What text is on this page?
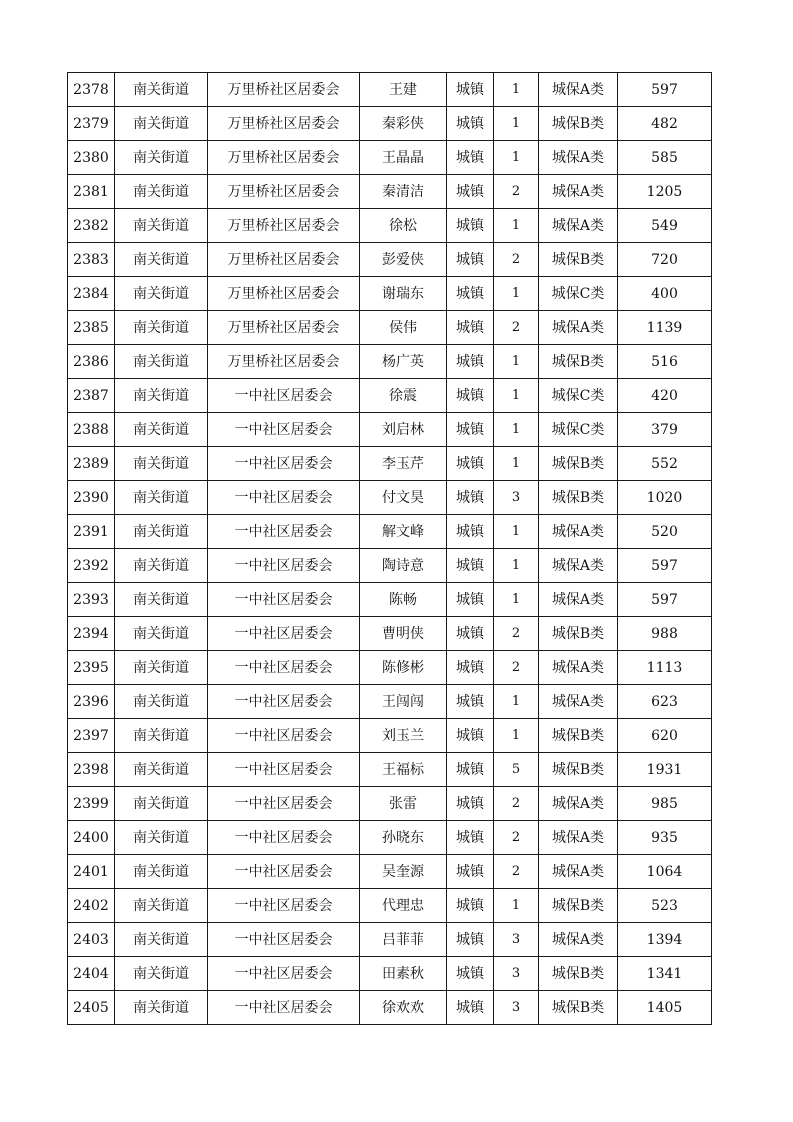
2378	南关街道	万里桥社区居委会	王建	城镇	1	城保A类	597
2379	南关街道	万里桥社区居委会	秦彩侠	城镇	1	城保B类	482
2380	南关街道	万里桥社区居委会	王晶晶	城镇	1	城保A类	585
2381	南关街道	万里桥社区居委会	秦清洁	城镇	2	城保A类	1205
2382	南关街道	万里桥社区居委会	徐松	城镇	1	城保A类	549
2383	南关街道	万里桥社区居委会	彭爱侠	城镇	2	城保B类	720
2384	南关街道	万里桥社区居委会	谢瑞东	城镇	1	城保C类	400
2385	南关街道	万里桥社区居委会	侯伟	城镇	2	城保A类	1139
2386	南关街道	万里桥社区居委会	杨广英	城镇	1	城保B类	516
2387	南关街道	一中社区居委会	徐震	城镇	1	城保C类	420
2388	南关街道	一中社区居委会	刘启林	城镇	1	城保C类	379
2389	南关街道	一中社区居委会	李玉芹	城镇	1	城保B类	552
2390	南关街道	一中社区居委会	付文昊	城镇	3	城保B类	1020
2391	南关街道	一中社区居委会	解文峰	城镇	1	城保A类	520
2392	南关街道	一中社区居委会	陶诗意	城镇	1	城保A类	597
2393	南关街道	一中社区居委会	陈畅	城镇	1	城保A类	597
2394	南关街道	一中社区居委会	曹明侠	城镇	2	城保B类	988
2395	南关街道	一中社区居委会	陈修彬	城镇	2	城保A类	1113
2396	南关街道	一中社区居委会	王闯闯	城镇	1	城保A类	623
2397	南关街道	一中社区居委会	刘玉兰	城镇	1	城保B类	620
2398	南关街道	一中社区居委会	王福标	城镇	5	城保B类	1931
2399	南关街道	一中社区居委会	张雷	城镇	2	城保A类	985
2400	南关街道	一中社区居委会	孙晓东	城镇	2	城保A类	935
2401	南关街道	一中社区居委会	吴奎源	城镇	2	城保A类	1064
2402	南关街道	一中社区居委会	代理忠	城镇	1	城保B类	523
2403	南关街道	一中社区居委会	吕菲菲	城镇	3	城保A类	1394
2404	南关街道	一中社区居委会	田素秋	城镇	3	城保B类	1341
2405	南关街道	一中社区居委会	徐欢欢	城镇	3	城保B类	1405
